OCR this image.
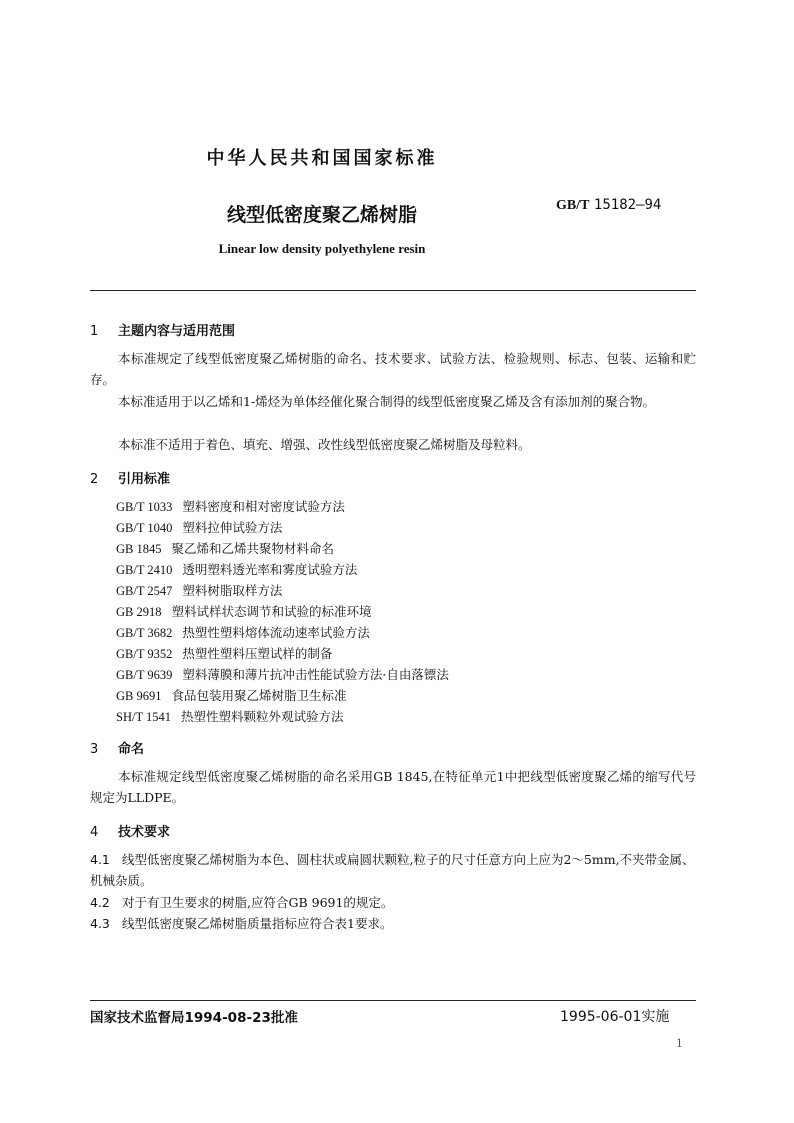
中华人民共和国国家标准
线型低密度聚乙烯树脂	GB/T 15182—94
Linear low density polyethylene resin
1 主题内容与适用范围
本标准规定了线型低密度聚乙烯树脂的命名、技术要求、试验方法、检验规则、标志、包装、运输和贮存。
本标准适用于以乙烯和1-烯烃为单体经催化聚合制得的线型低密度聚乙烯及含有添加剂的聚合物。
本标准不适用于着色、填充、增强、改性线型低密度聚乙烯树脂及母粒料。
2 引用标准
GB/T 1033 塑料密度和相对密度试验方法
GB/T 1040 塑料拉伸试验方法
GB 1845 聚乙烯和乙烯共聚物材料命名
GB/T 2410 透明塑料透光率和雾度试验方法
GB/T 2547 塑料树脂取样方法
GB 2918 塑料试样状态调节和试验的标准环境
GB/T 3682 热塑性塑料熔体流动速率试验方法
GB/T 9352 热塑性塑料压塑试样的制备
GB/T 9639 塑料薄膜和薄片抗冲击性能试验方法·自由落镖法
GB 9691 食品包装用聚乙烯树脂卫生标准
SH/T 1541 热塑性塑料颗粒外观试验方法
3 命名
本标准规定线型低密度聚乙烯树脂的命名采用GB 1845,在特征单元1中把线型低密度聚乙烯的缩写代号规定为LLDPE。
4 技术要求
4.1 线型低密度聚乙烯树脂为本色、圆柱状或扁圆状颗粒,粒子的尺寸任意方向上应为2～5mm,不夹带金属、机械杂质。
4.2 对于有卫生要求的树脂,应符合GB 9691的规定。
4.3 线型低密度聚乙烯树脂质量指标应符合表1要求。
国家技术监督局1994-08-23批准	1995-06-01实施
1
